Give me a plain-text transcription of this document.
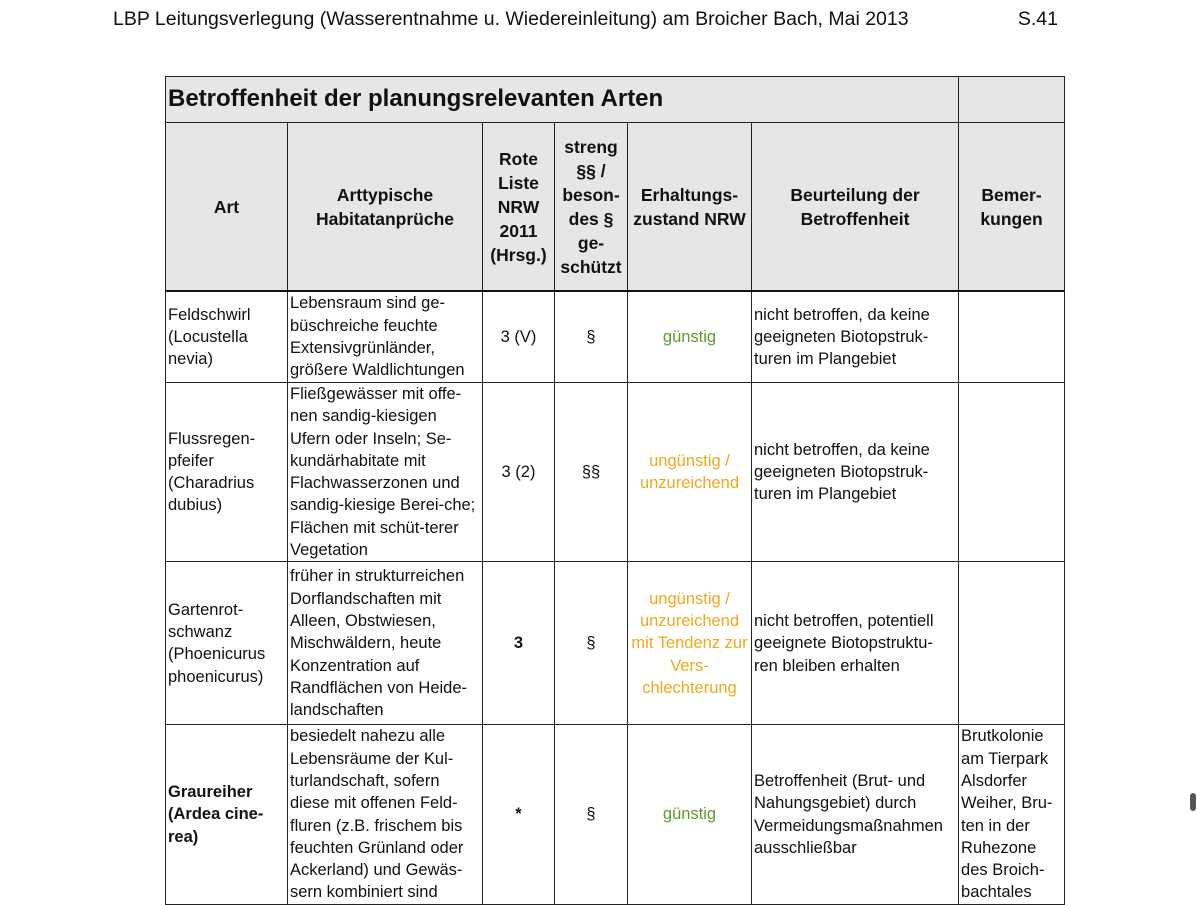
LBP Leitungsverlegung (Wasserentnahme u. Wiedereinleitung) am Broicher Bach, Mai 2013	S.41
Betroffenheit der planungsrelevanten Arten						
Art	Arttypische Habitatanprüche	Rote Liste NRW 2011 (Hrsg.)	streng §§ / beson-des § ge-schützt	Erhaltungs-zustand NRW	Beurteilung der Betroffenheit	Bemer-kungen
Feldschwirl (Locustella nevia)	Lebensraum sind ge-büschreiche feuchte Extensivgrünländer, größere Waldlichtungen	3 (V)	§	günstig	nicht betroffen, da keine geeigneten Biotopstruk-turen im Plangebiet	
Flussregen-pfeifer (Charadrius dubius)	Fließgewässer mit offe-nen sandig-kiesigen Ufern oder Inseln; Se-kundärhabitate mit Flachwasserzonen und sandig-kiesige Berei-che; Flächen mit schüt-terer Vegetation	3 (2)	§§	ungünstig / unzureichend	nicht betroffen, da keine geeigneten Biotopstruk-turen im Plangebiet	
Gartenrot-schwanz (Phoenicurus phoenicurus)	früher in strukturreichen Dorflandschaften mit Alleen, Obstwiesen, Mischwäldern, heute Konzentration auf Randflächen von Heide-landschaften	3	§	ungünstig / unzureichend mit Tendenz zur Vers-chlechterung	nicht betroffen, potentiell geeignete Biotopstruktu-ren bleiben erhalten	
Graureiher (Ardea cine-rea)	besiedelt nahezu alle Lebensräume der Kul-turlandschaft, sofern diese mit offenen Feld-fluren (z.B. frischem bis feuchten Grünland oder Ackerland) und Gewäs-sern kombiniert sind	*	§	günstig	Betroffenheit (Brut- und Nahungsgebiet) durch Vermeidungsmaßnahmen ausschließbar	Brutkolonie am Tierpark Alsdorfer Weiher, Bru-ten in der Ruhezone des Broich-bachtales
